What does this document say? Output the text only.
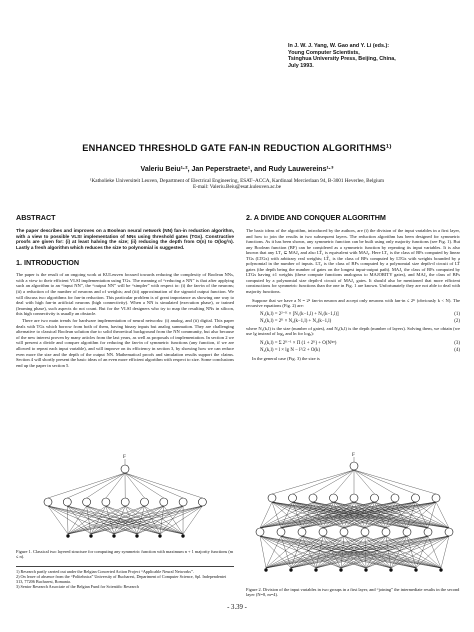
In J. W. J. Yang, W. Gao and Y. Li (eds.):
Young Computer Scientists,
Tsinghua University Press, Beijing, China,
July 1993.
ENHANCED THRESHOLD GATE FAN-IN REDUCTION ALGORITHMS¹⁾
Valeriu Beiu¹·², Jan Peperstraete¹, and Rudy Lauwereins¹·³
¹Katholieke Universiteit Leuven, Department of Electrical Engineering, ESAT–ACCA, Kardinaal Mercierlaan 94, B-3001 Heverlee, Belgium
E-mail: Valeriu.Beiu@esat.kuleuven.ac.be
ABSTRACT
The paper describes and improves on a Boolean neural network (NN) fan-in reduction algorithm, with a view to possible VLSI implementation of NNs using threshold gates (TGs). Constructive proofs are given for: (i) at least halving the size; (ii) reducing the depth from O(n) to O(log²n). Lastly a fresh algorithm which reduces the size to polynomial is suggested.
1. INTRODUCTION

The paper is the result of an ongoing work at KULeuven focused towards reducing the complexity of Boolean NNs, with a view to their efficient VLSI implementation using TGs. The meaning of “reducing a NN” is that after applying such an algorithm to an “input NN”, the “output NN” will be “simpler” with respect to: (i) the fan-in of the neurons; (ii) a reduction of the number of neurons and of weights; and (iii) approximation of the sigmoid output function. We will discuss two algorithms for fan-in reduction. This particular problem is of great importance as showing one way to deal with high fan-in artificial neurons (high connectivity). When a NN is simulated (execution phase), or trained (learning phase), such aspects do not count. But for the VLSI designers who try to map the resulting NNs in silicon, this high connectivity is usually an obstacle.

There are two main trends for hardware implementation of neural networks: (i) analog, and (ii) digital. This paper deals with TGs which borrow from both of them, having binary inputs but analog summation. They are challenging alternative to classical Boolean solution due to solid theoretical background from the NN community, but also because of the new interest proven by many articles from the last years, as well as proposals of implementation. In section 2 we will present a divide and conquer algorithm for reducing the fan-in of symmetric functions (any function, if we are allowed to repeat each input variable), and will improve on its efficiency in section 3, by showing how we can reduce even more the size and the depth of the output NN. Mathematical proofs and simulation results support the claims. Section 4 will shortly present the basic ideas of an even more efficient algorithm with respect to size. Some conclusions end up the paper in section 5.

F
Figure 1. Classical two layered structure for computing any symmetric function with maximum n + 1 majority functions (m ≤ n).
1) Research partly carried out under the Belgian Concerted Action Project “Applicable Neural Networks”.
2) On leave of absence from the “Politehnica” University of Bucharest, Department of Computer Science, Spl. Independentei 313, 77206 Bucharest, Romania.
3) Senior Research Associate of the Belgian Fund for Scientific Research
2. A DIVIDE AND CONQUER ALGORITHM
The basic ideas of the algorithm, introduced by the authors, are (i) the division of the input variables in a first layer, and how to join the results in two subsequent layers. The reduction algorithm has been designed for symmetric functions. As it has been shown, any symmetric function can be built using only majority functions (see Fig. 1). But any Boolean function (BF) can be considered as a symmetric function by repeating its input variables. It is also known that any LT₁ ⊆ MAJ₂ and also LT̂₁ is equivalent with MAJ₂. Here LT₁ is the class of BFs computed by linear TGs (LTGs) with arbitrary real weights; LT̂₁ is the class of BFs computed by LTGs with weights bounded by a polynomial in the number of inputs. LT₂ is the class of BFs computed by a polynomial size depth-d circuit of LT̂ gates (the depth being the number of gates on the longest input-output path). MAJ₁ the class of BFs computed by LTGs having ±1 weights (these compute functions analogous to MAJORITY gates), and MAJ₂ the class of BFs computed by a polynomial size depth-d circuit of MAJ₁ gates. It should also be mentioned that more efficient constructions for symmetric functions than the one in Fig. 1 are known. Unfortunately they are not able to deal with majority functions.
Suppose that we have a N = 2ⁿ fan-in neuron and accept only neurons with fan-in ≤ 2ᴷ (obviously k < N). The recursive equations (Fig. 2) are:
N₁(k,l) = 2²⁻ᴷ × [N₁(k−1,l) + N₁(k−1,l)]	(1)
N₂(k,l) = 2ᴷ × N₂(k−1,l) + N₂(k−1,l)	(2)
where N₁(k,l) is the size (number of gates), and N₂(k,l) is the depth (number of layers). Solving them, we obtain (we use lg instead of log₂ and ln for logₑ):
N₁(k,l) = Σ 2ᴷ⁻¹ × Π (1 + 2ᴷ) + O(Nˡᵍⁿ)	(3)
N₂(k,l) = l × lg N − l²/2 + O(k)	(4)
In the general case (Fig. 3) the size is
F
Figure 2. Division of the input variables in two groups in a first layer, and “joining” the intermediate results in the second layer (N=8, m=4).
- 3.39 -
